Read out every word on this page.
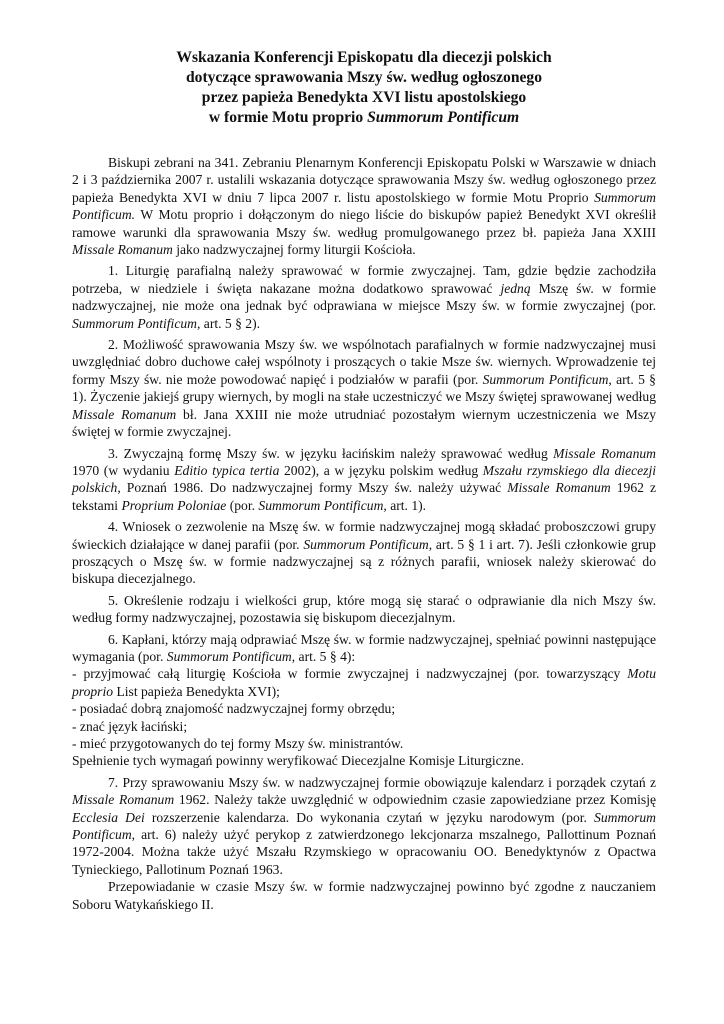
Wskazania Konferencji Episkopatu dla diecezji polskich
dotyczące sprawowania Mszy św. według ogłoszonego
przez papieża Benedykta XVI listu apostolskiego
w formie Motu proprio Summorum Pontificum

Biskupi zebrani na 341. Zebraniu Plenarnym Konferencji Episkopatu Polski w Warszawie w dniach 2 i 3 października 2007 r. ustalili wskazania dotyczące sprawowania Mszy św. według ogłoszonego przez papieża Benedykta XVI w dniu 7 lipca 2007 r. listu apostolskiego w formie Motu Proprio Summorum Pontificum. W Motu proprio i dołączonym do niego liście do biskupów papież Benedykt XVI określił ramowe warunki dla sprawowania Mszy św. według promulgowanego przez bł. papieża Jana XXIII Missale Romanum jako nadzwyczajnej formy liturgii Kościoła.

1. Liturgię parafialną należy sprawować w formie zwyczajnej. Tam, gdzie będzie zachodziła potrzeba, w niedziele i święta nakazane można dodatkowo sprawować jedną Mszę św. w formie nadzwyczajnej, nie może ona jednak być odprawiana w miejsce Mszy św. w formie zwyczajnej (por. Summorum Pontificum, art. 5 § 2).

2. Możliwość sprawowania Mszy św. we wspólnotach parafialnych w formie nadzwyczajnej musi uwzględniać dobro duchowe całej wspólnoty i proszących o takie Msze św. wiernych. Wprowadzenie tej formy Mszy św. nie może powodować napięć i podziałów w parafii (por. Summorum Pontificum, art. 5 § 1). Życzenie jakiejś grupy wiernych, by mogli na stałe uczestniczyć we Mszy świętej sprawowanej według Missale Romanum bł. Jana XXIII nie może utrudniać pozostałym wiernym uczestniczenia we Mszy świętej w formie zwyczajnej.

3. Zwyczajną formę Mszy św. w języku łacińskim należy sprawować według Missale Romanum 1970 (w wydaniu Editio typica tertia 2002), a w języku polskim według Mszału rzymskiego dla diecezji polskich, Poznań 1986. Do nadzwyczajnej formy Mszy św. należy używać Missale Romanum 1962 z tekstami Proprium Poloniae (por. Summorum Pontificum, art. 1).

4. Wniosek o zezwolenie na Mszę św. w formie nadzwyczajnej mogą składać proboszczowi grupy świeckich działające w danej parafii (por. Summorum Pontificum, art. 5 § 1 i art. 7). Jeśli członkowie grup proszących o Mszę św. w formie nadzwyczajnej są z różnych parafii, wniosek należy skierować do biskupa diecezjalnego.

5. Określenie rodzaju i wielkości grup, które mogą się starać o odprawianie dla nich Mszy św. według formy nadzwyczajnej, pozostawia się biskupom diecezjalnym.

6. Kapłani, którzy mają odprawiać Mszę św. w formie nadzwyczajnej, spełniać powinni następujące wymagania (por. Summorum Pontificum, art. 5 § 4):

- przyjmować całą liturgię Kościoła w formie zwyczajnej i nadzwyczajnej (por. towarzyszący Motu proprio List papieża Benedykta XVI);

- posiadać dobrą znajomość nadzwyczajnej formy obrzędu;

- znać język łaciński;

- mieć przygotowanych do tej formy Mszy św. ministrantów.

Spełnienie tych wymagań powinny weryfikować Diecezjalne Komisje Liturgiczne.

7. Przy sprawowaniu Mszy św. w nadzwyczajnej formie obowiązuje kalendarz i porządek czytań z Missale Romanum 1962. Należy także uwzględnić w odpowiednim czasie zapowiedziane przez Komisję Ecclesia Dei rozszerzenie kalendarza. Do wykonania czytań w języku narodowym (por. Summorum Pontificum, art. 6) należy użyć perykop z zatwierdzonego lekcjonarza mszalnego, Pallottinum Poznań 1972-2004. Można także użyć Mszału Rzymskiego w opracowaniu OO. Benedyktynów z Opactwa Tynieckiego, Pallotinum Poznań 1963.

Przepowiadanie w czasie Mszy św. w formie nadzwyczajnej powinno być zgodne z nauczaniem Soboru Watykańskiego II.
